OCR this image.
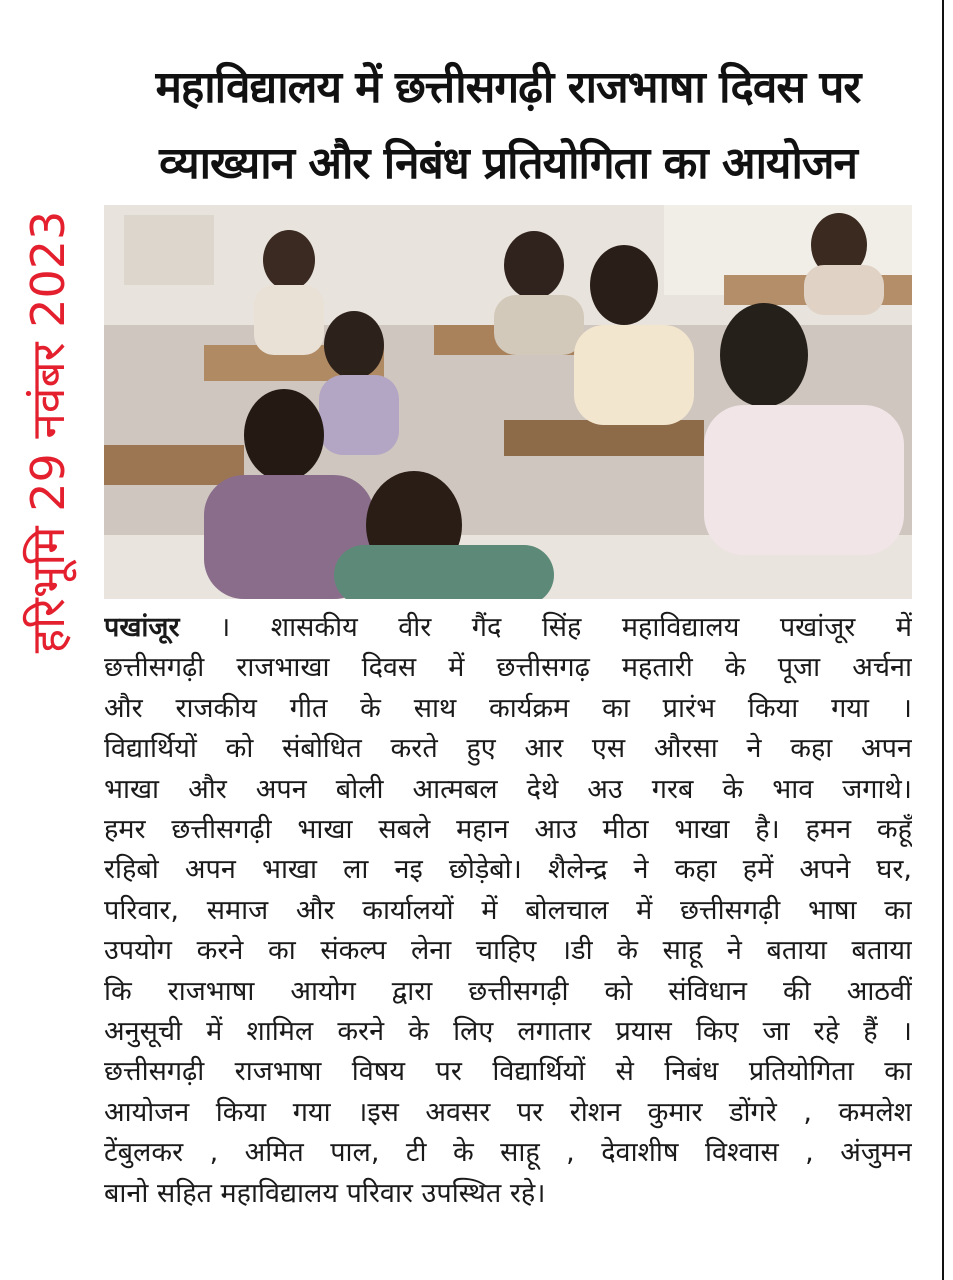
हरिभूमि 29 नवंबर 2023
महाविद्यालय में छत्तीसगढ़ी राजभाषा दिवस पर
व्याख्यान और निबंध प्रतियोगिता का आयोजन
पखांजूर । शासकीय वीर गैंद सिंह महाविद्यालय पखांजूर में
छत्तीसगढ़ी राजभाखा दिवस में छत्तीसगढ़ महतारी के पूजा अर्चना
और राजकीय गीत के साथ कार्यक्रम का प्रारंभ किया गया ।
विद्यार्थियों को संबोधित करते हुए आर एस औरसा ने कहा अपन
भाखा और अपन बोली आत्मबल देथे अउ गरब के भाव जगाथे।
हमर छत्तीसगढ़ी भाखा सबले महान आउ मीठा भाखा है। हमन कहूँ
रहिबो अपन भाखा ला नइ छोड़ेबो। शैलेन्द्र ने कहा हमें अपने घर,
परिवार, समाज और कार्यालयों में बोलचाल में छत्तीसगढ़ी भाषा का
उपयोग करने का संकल्प लेना चाहिए ।डी के साहू ने बताया बताया
कि राजभाषा आयोग द्वारा छत्तीसगढ़ी को संविधान की आठवीं
अनुसूची में शामिल करने के लिए लगातार प्रयास किए जा रहे हैं ।
छत्तीसगढ़ी राजभाषा विषय पर विद्यार्थियों से निबंध प्रतियोगिता का
आयोजन किया गया ।इस अवसर पर रोशन कुमार डोंगरे , कमलेश
टेंबुलकर , अमित पाल, टी के साहू , देवाशीष विश्वास , अंजुमन
बानो सहित महाविद्यालय परिवार उपस्थित रहे।
